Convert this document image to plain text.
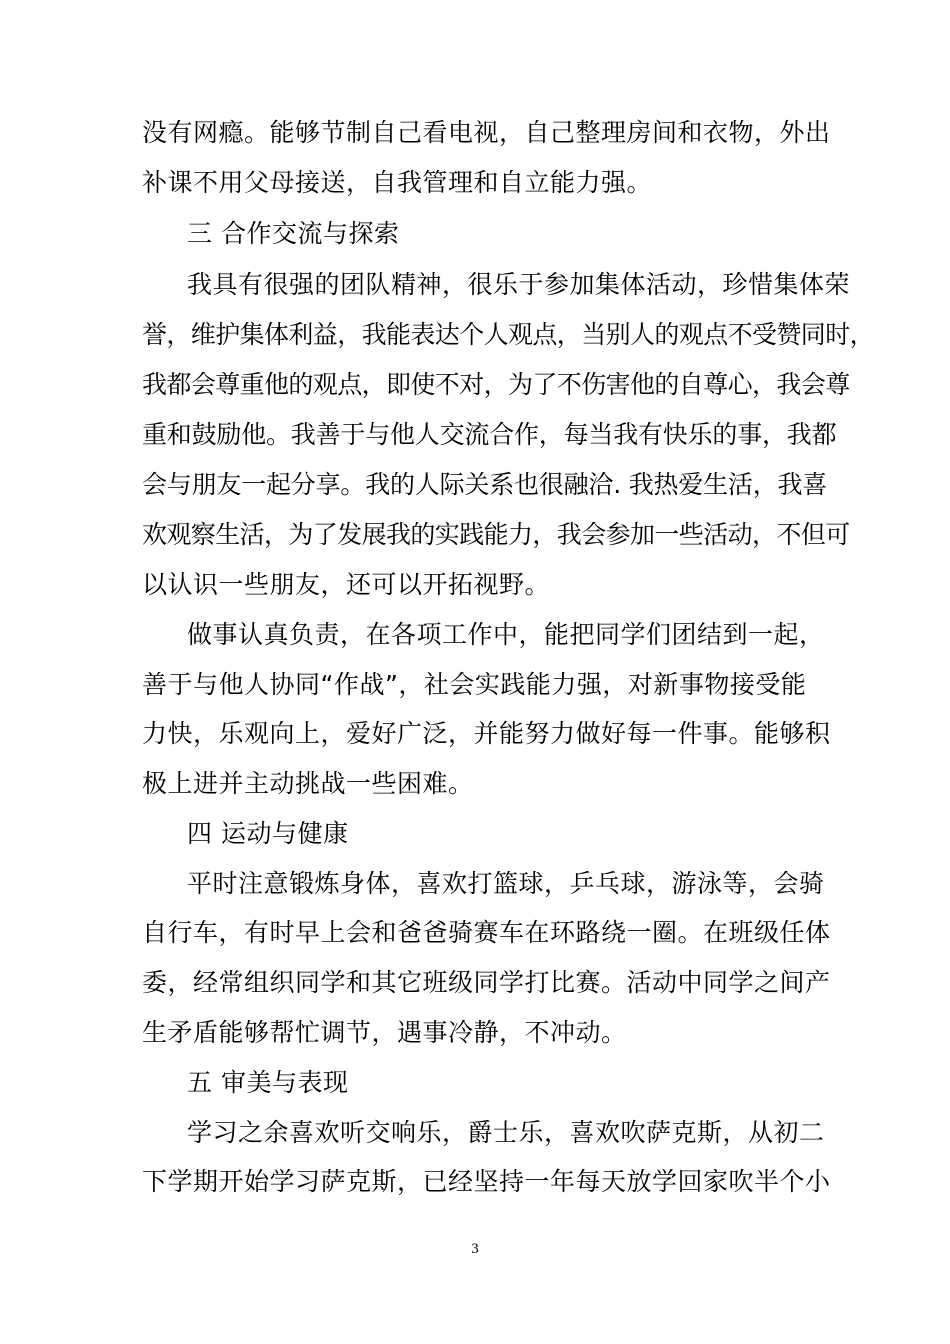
没有网瘾。能够节制自己看电视，自己整理房间和衣物，外出
补课不用父母接送，自我管理和自立能力强。
三 合作交流与探索
我具有很强的团队精神，很乐于参加集体活动，珍惜集体荣
誉，维护集体利益，我能表达个人观点，当别人的观点不受赞同时，
我都会尊重他的观点，即使不对，为了不伤害他的自尊心，我会尊
重和鼓励他。我善于与他人交流合作，每当我有快乐的事，我都
会与朋友一起分享。我的人际关系也很融洽. 我热爱生活，我喜
欢观察生活，为了发展我的实践能力，我会参加一些活动，不但可
以认识一些朋友，还可以开拓视野。
做事认真负责，在各项工作中，能把同学们团结到一起，
善于与他人协同“作战”，社会实践能力强，对新事物接受能
力快，乐观向上，爱好广泛，并能努力做好每一件事。能够积
极上进并主动挑战一些困难。
四 运动与健康
平时注意锻炼身体，喜欢打篮球，乒乓球，游泳等，会骑
自行车，有时早上会和爸爸骑赛车在环路绕一圈。在班级任体
委，经常组织同学和其它班级同学打比赛。活动中同学之间产
生矛盾能够帮忙调节，遇事冷静，不冲动。
五 审美与表现
学习之余喜欢听交响乐，爵士乐，喜欢吹萨克斯，从初二
下学期开始学习萨克斯，已经坚持一年每天放学回家吹半个小
3
